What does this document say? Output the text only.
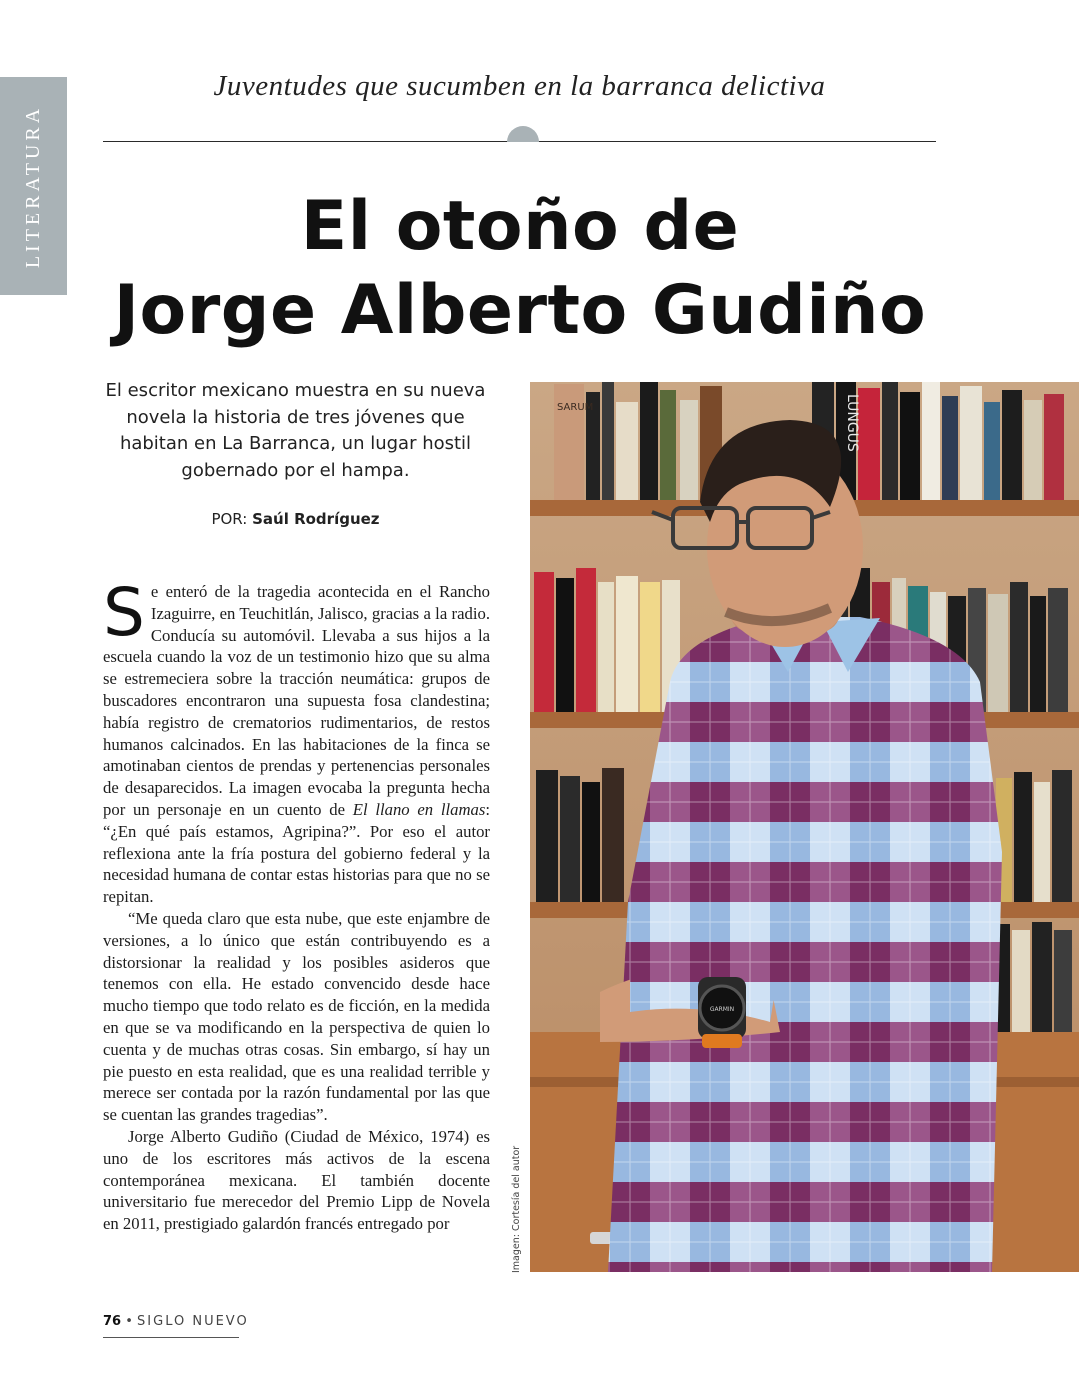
LITERATURA
Juventudes que sucumben en la barranca delictiva
El otoño de
Jorge Alberto Gudiño

El escritor mexicano muestra en su nueva novela la historia de tres jóvenes que habitan en La Barranca, un lugar hostil gobernado por el hampa.

POR: Saúl Rodríguez

Se enteró de la tragedia acontecida en el Rancho Izaguirre, en Teuchitlán, Jalisco, gracias a la radio. Conducía su automóvil. Llevaba a sus hijos a la escuela cuando la voz de un testimonio hizo que su alma se estremeciera sobre la tracción neumática: grupos de buscadores encontraron una supuesta fosa clandestina; había registro de crematorios rudimentarios, de restos humanos calcinados. En las habitaciones de la finca se amotinaban cientos de prendas y pertenencias personales de desaparecidos. La imagen evocaba la pregunta hecha por un personaje en un cuento de El llano en llamas: “¿En qué país estamos, Agripina?”. Por eso el autor reflexiona ante la fría postura del gobierno federal y la necesidad humana de contar estas historias para que no se repitan.

“Me queda claro que esta nube, que este enjambre de versiones, a lo único que están contribuyendo es a distorsionar la realidad y los posibles asideros que tenemos con ella. He estado convencido desde hace mucho tiempo que todo relato es de ficción, en la medida en que se va modificando en la perspectiva de quien lo cuenta y de muchas otras cosas. Sin embargo, sí hay un pie puesto en esta realidad, que es una realidad terrible y merece ser contada por la razón fundamental por las que se cuentan las grandes tragedias”.

Jorge Alberto Gudiño (Ciudad de México, 1974) es uno de los escritores más activos de la escena contemporánea mexicana. El también docente universitario fue merecedor del Premio Lipp de Novela en 2011, prestigiado galardón francés entregado por

SARUM	LUNGUS
GARMIN
Imagen: Cortesía del autor
76 • SIGLO NUEVO
